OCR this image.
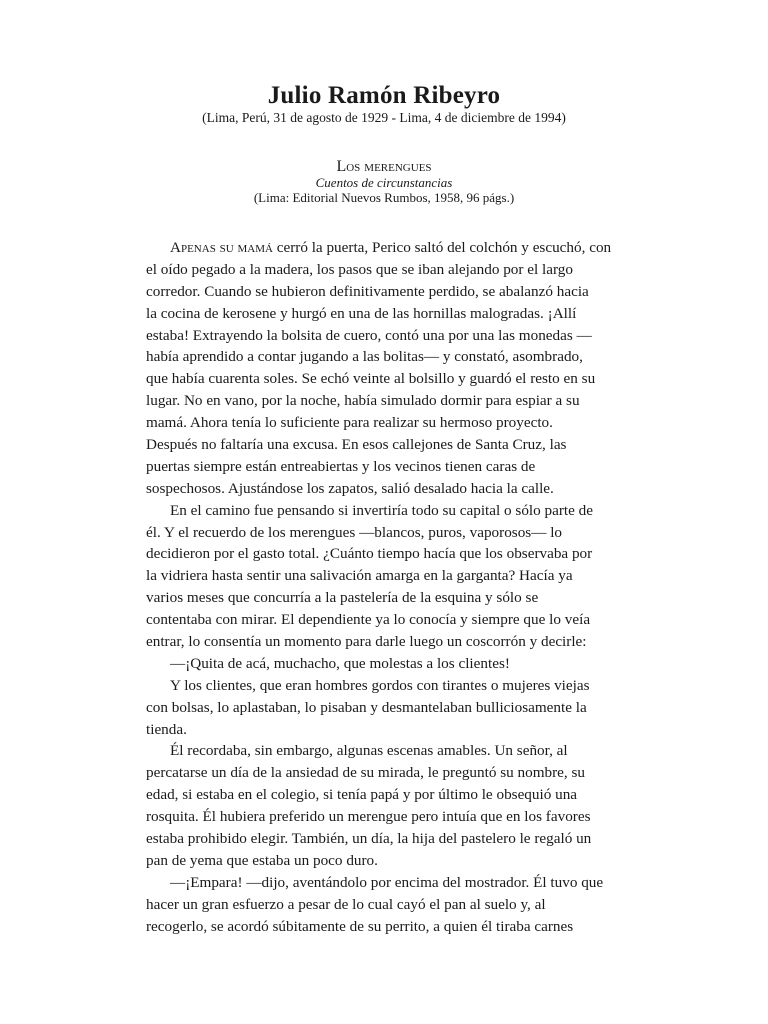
Julio Ramón Ribeyro
(Lima, Perú, 31 de agosto de 1929 - Lima, 4 de diciembre de 1994)
Los merengues
Cuentos de circunstancias
(Lima: Editorial Nuevos Rumbos, 1958, 96 págs.)
Apenas su mamá cerró la puerta, Perico saltó del colchón y escuchó, con
el oído pegado a la madera, los pasos que se iban alejando por el largo
corredor. Cuando se hubieron definitivamente perdido, se abalanzó hacia
la cocina de kerosene y hurgó en una de las hornillas malogradas. ¡Allí
estaba! Extrayendo la bolsita de cuero, contó una por una las monedas —
había aprendido a contar jugando a las bolitas— y constató, asombrado,
que había cuarenta soles. Se echó veinte al bolsillo y guardó el resto en su
lugar. No en vano, por la noche, había simulado dormir para espiar a su
mamá. Ahora tenía lo suficiente para realizar su hermoso proyecto.
Después no faltaría una excusa. En esos callejones de Santa Cruz, las
puertas siempre están entreabiertas y los vecinos tienen caras de
sospechosos. Ajustándose los zapatos, salió desalado hacia la calle.
En el camino fue pensando si invertiría todo su capital o sólo parte de
él. Y el recuerdo de los merengues —blancos, puros, vaporosos— lo
decidieron por el gasto total. ¿Cuánto tiempo hacía que los observaba por
la vidriera hasta sentir una salivación amarga en la garganta? Hacía ya
varios meses que concurría a la pastelería de la esquina y sólo se
contentaba con mirar. El dependiente ya lo conocía y siempre que lo veía
entrar, lo consentía un momento para darle luego un coscorrón y decirle:
—¡Quita de acá, muchacho, que molestas a los clientes!
Y los clientes, que eran hombres gordos con tirantes o mujeres viejas
con bolsas, lo aplastaban, lo pisaban y desmantelaban bulliciosamente la
tienda.
Él recordaba, sin embargo, algunas escenas amables. Un señor, al
percatarse un día de la ansiedad de su mirada, le preguntó su nombre, su
edad, si estaba en el colegio, si tenía papá y por último le obsequió una
rosquita. Él hubiera preferido un merengue pero intuía que en los favores
estaba prohibido elegir. También, un día, la hija del pastelero le regaló un
pan de yema que estaba un poco duro.
—¡Empara! —dijo, aventándolo por encima del mostrador. Él tuvo que
hacer un gran esfuerzo a pesar de lo cual cayó el pan al suelo y, al
recogerlo, se acordó súbitamente de su perrito, a quien él tiraba carnes
